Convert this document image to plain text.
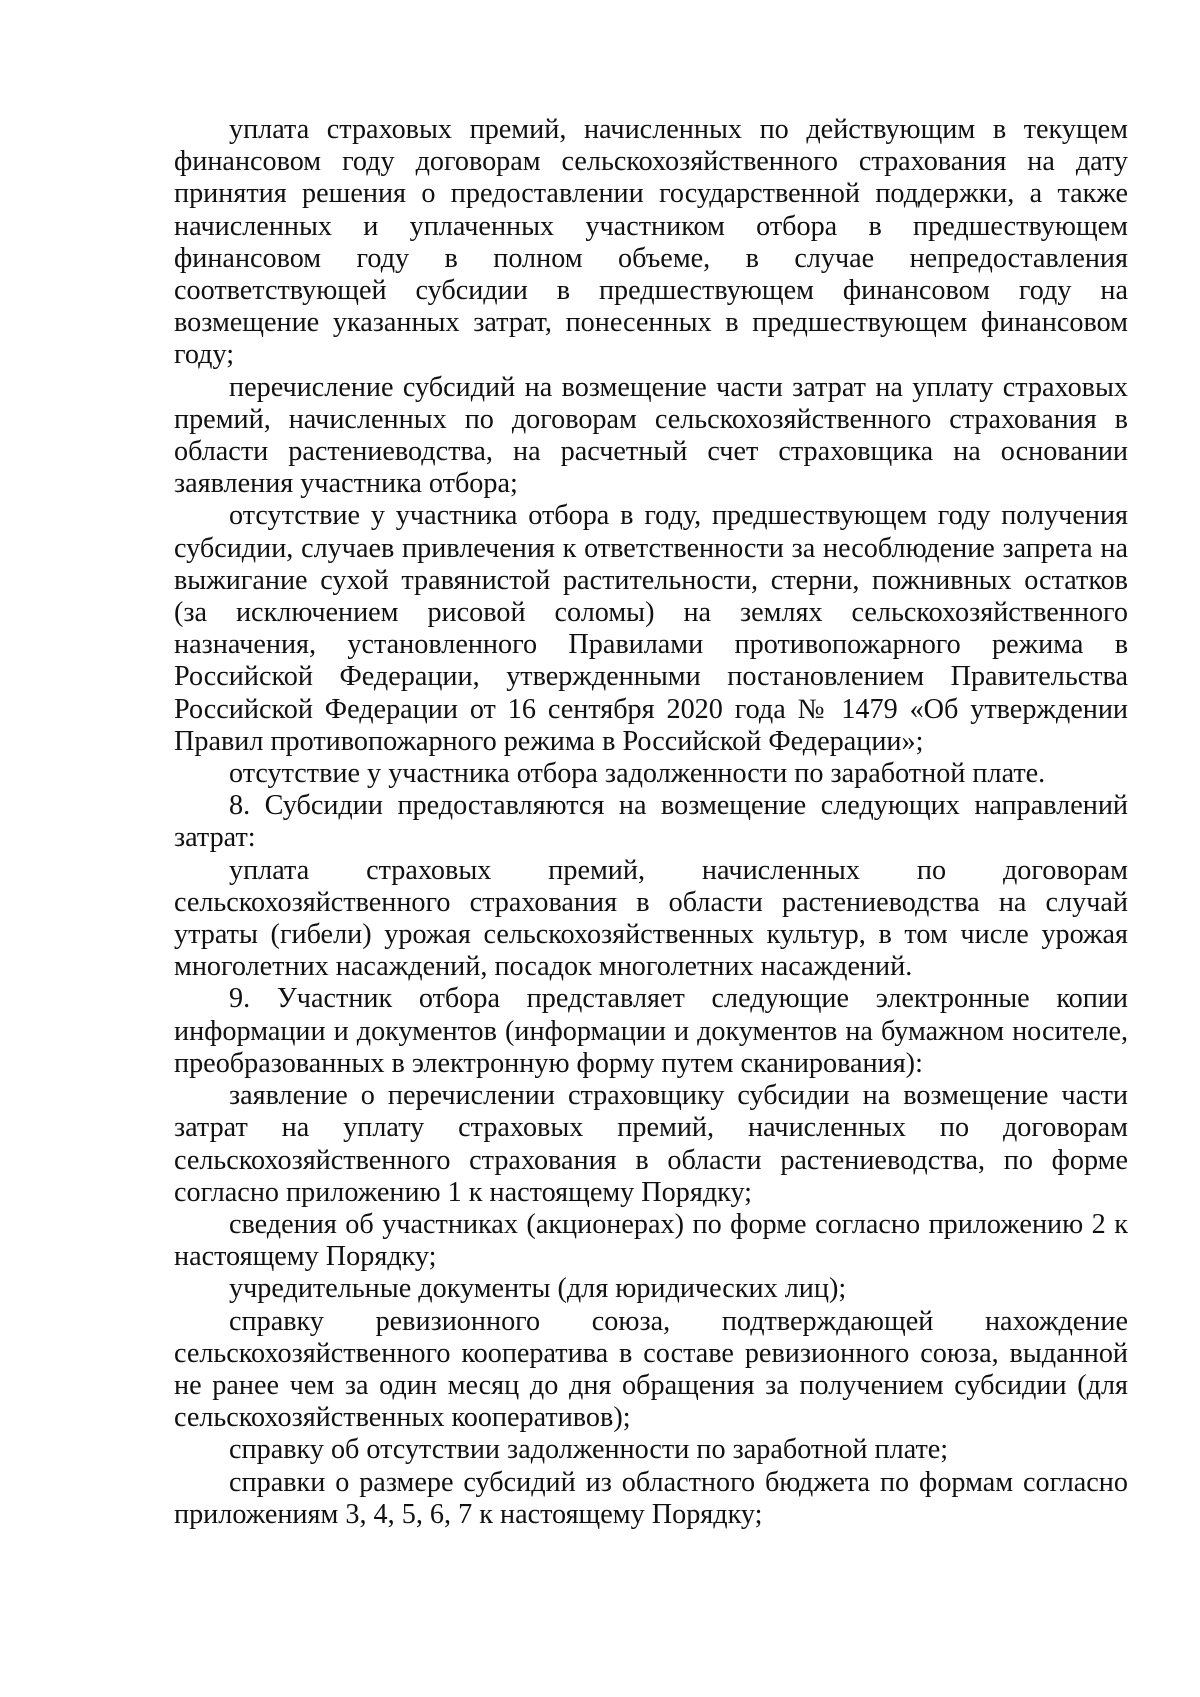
уплата страховых премий, начисленных по действующим в текущем финансовом году договорам сельскохозяйственного страхования на дату принятия решения о предоставлении государственной поддержки, а также начисленных и уплаченных участником отбора в предшествующем финансовом году в полном объеме, в случае непредоставления соответствующей субсидии в предшествующем финансовом году на возмещение указанных затрат, понесенных в предшествующем финансовом году;

перечисление субсидий на возмещение части затрат на уплату страховых премий, начисленных по договорам сельскохозяйственного страхования в области растениеводства, на расчетный счет страховщика на основании заявления участника отбора;

отсутствие у участника отбора в году, предшествующем году получения субсидии, случаев привлечения к ответственности за несоблюдение запрета на выжигание сухой травянистой растительности, стерни, пожнивных остатков (за исключением рисовой соломы) на землях сельскохозяйственного назначения, установленного Правилами противопожарного режима в Российской Федерации, утвержденными постановлением Правительства Российской Федерации от 16 сентября 2020 года № 1479 «Об утверждении Правил противопожарного режима в Российской Федерации»;

отсутствие у участника отбора задолженности по заработной плате.

8. Субсидии предоставляются на возмещение следующих направлений затрат:

уплата страховых премий, начисленных по договорам сельскохозяйственного страхования в области растениеводства на случай утраты (гибели) урожая сельскохозяйственных культур, в том числе урожая многолетних насаждений, посадок многолетних насаждений.

9. Участник отбора представляет следующие электронные копии информации и документов (информации и документов на бумажном носителе, преобразованных в электронную форму путем сканирования):

заявление о перечислении страховщику субсидии на возмещение части затрат на уплату страховых премий, начисленных по договорам сельскохозяйственного страхования в области растениеводства, по форме согласно приложению 1 к настоящему Порядку;

сведения об участниках (акционерах) по форме согласно приложению 2 к настоящему Порядку;

учредительные документы (для юридических лиц);

справку ревизионного союза, подтверждающей нахождение сельскохозяйственного кооператива в составе ревизионного союза, выданной не ранее чем за один месяц до дня обращения за получением субсидии (для сельскохозяйственных кооперативов);

справку об отсутствии задолженности по заработной плате;

справки о размере субсидий из областного бюджета по формам согласно приложениям 3, 4, 5, 6, 7 к настоящему Порядку;
